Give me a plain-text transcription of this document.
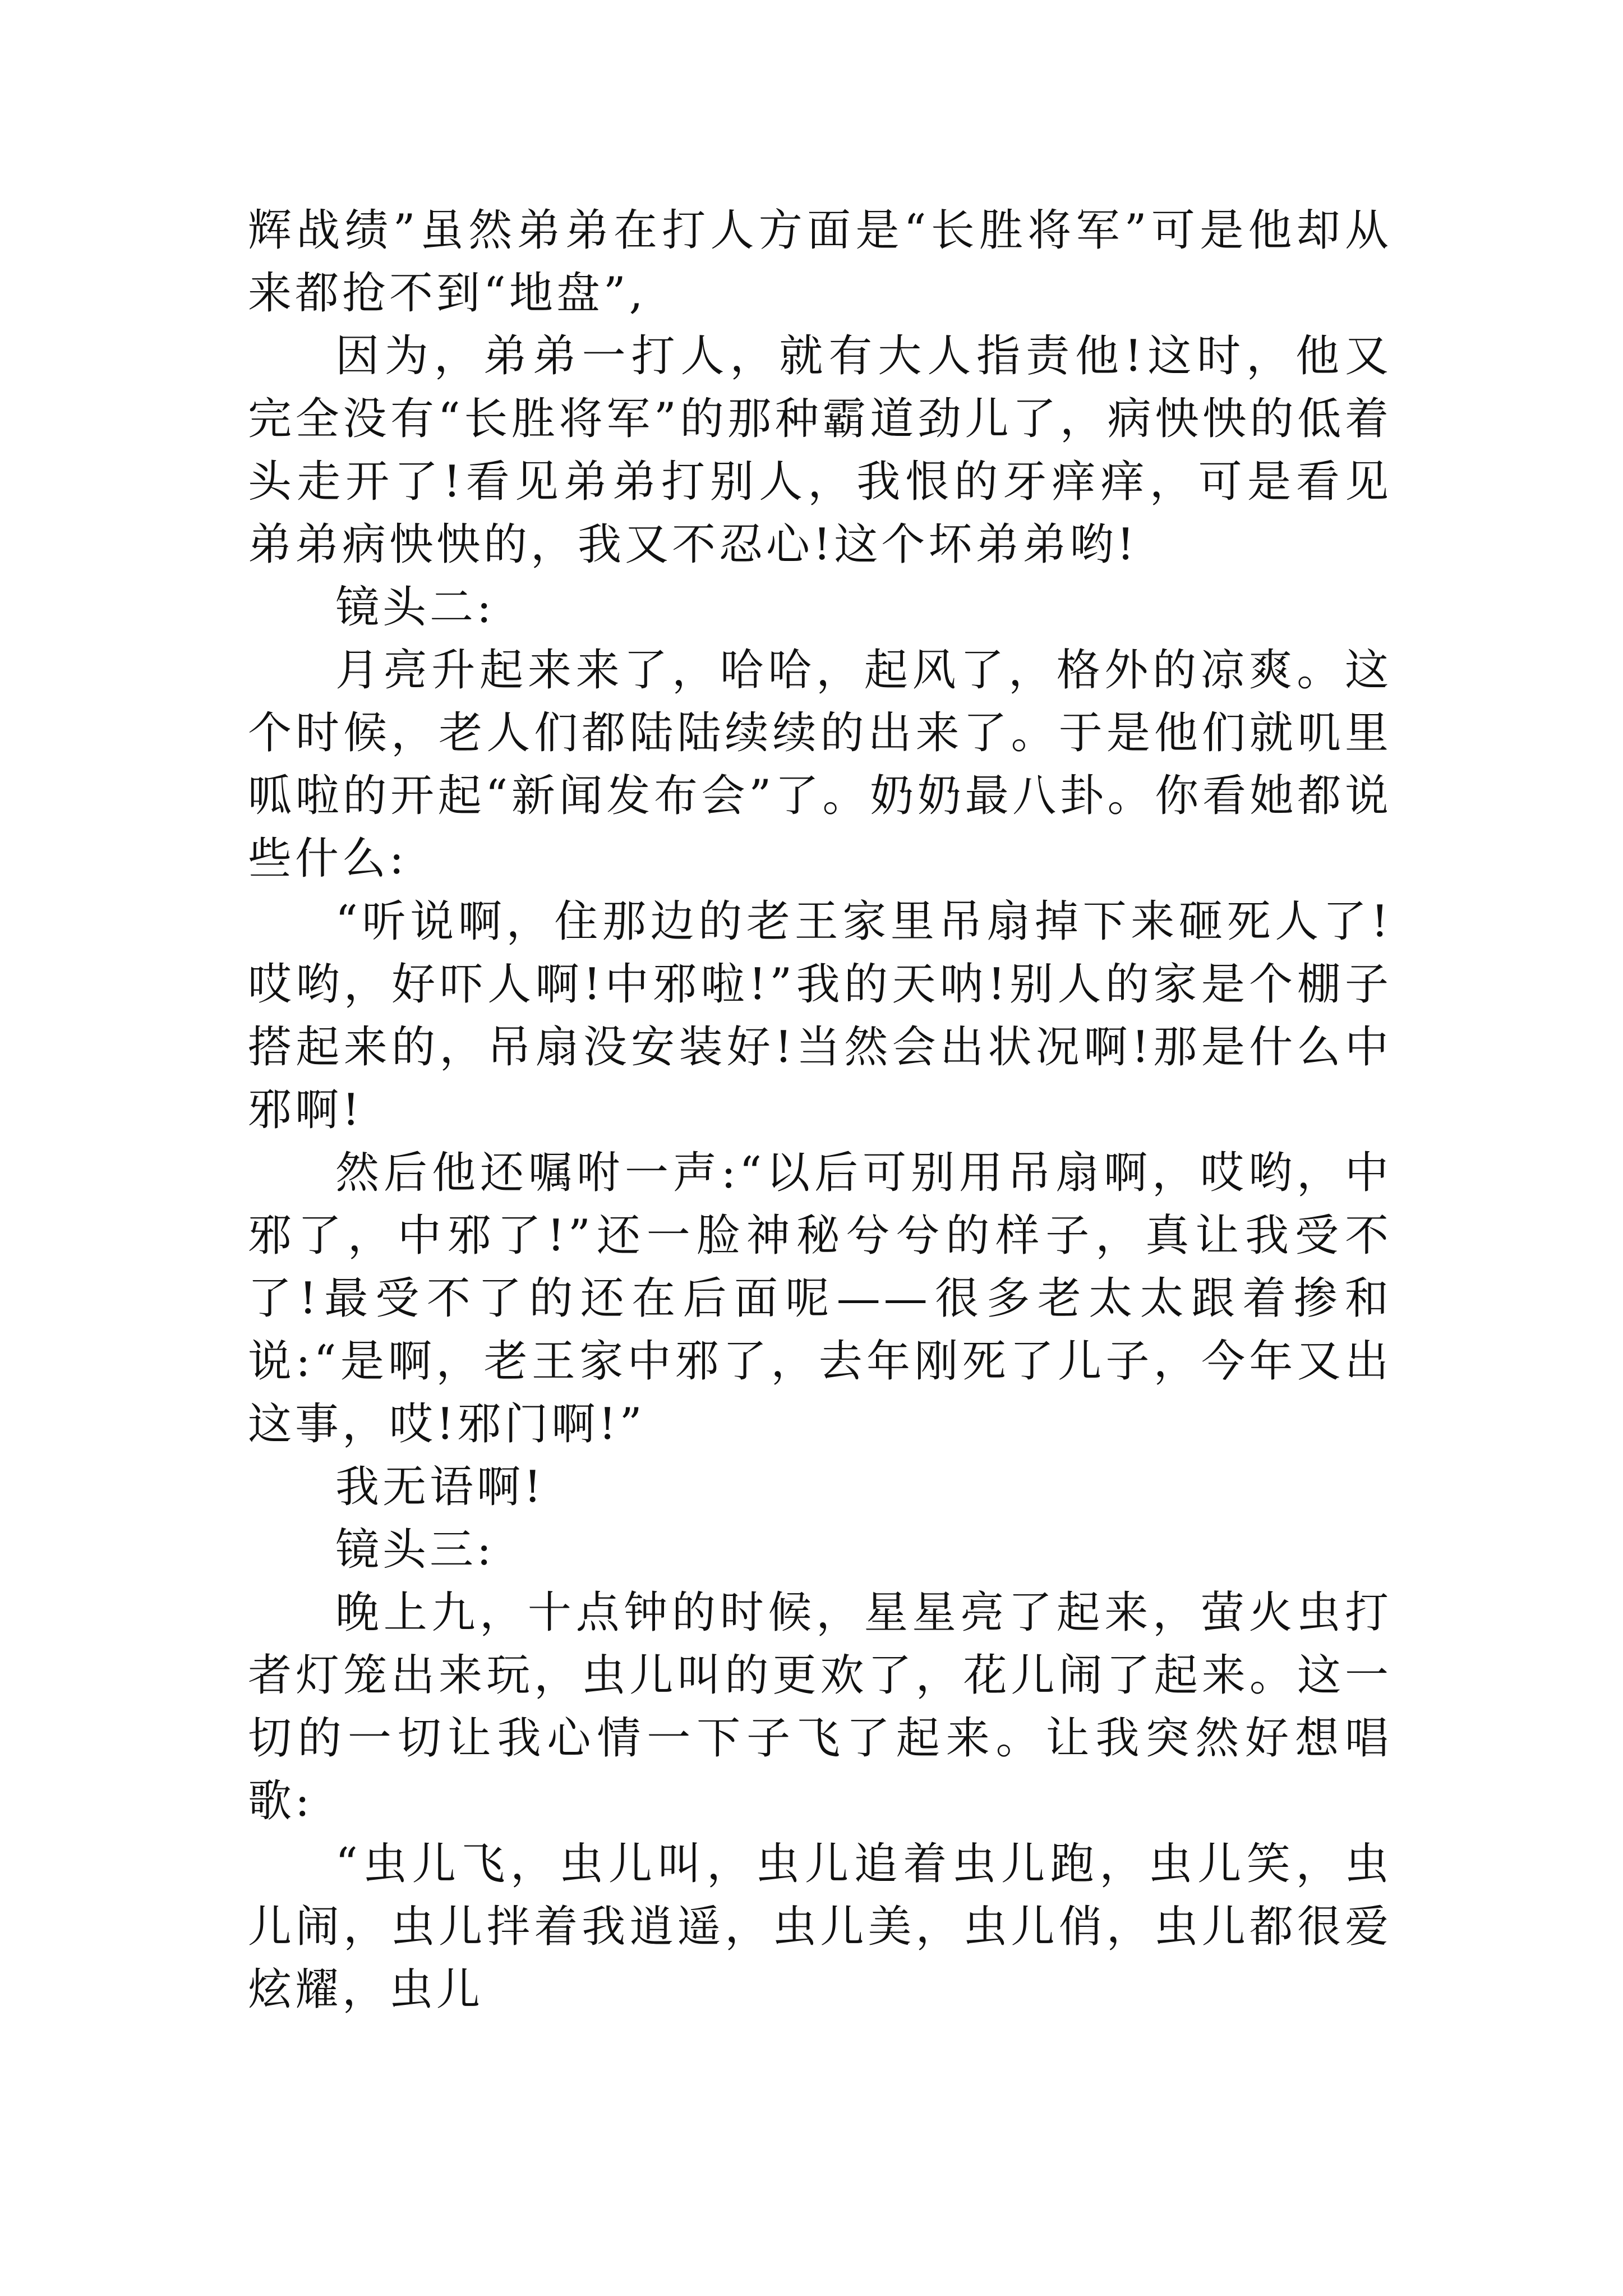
辉战绩”虽然弟弟在打人方面是“长胜将军”可是他却从来都抢不到“地盘”,

因为，弟弟一打人，就有大人指责他!这时，他又完全没有“长胜将军”的那种霸道劲儿了，病怏怏的低着头走开了!看见弟弟打别人，我恨的牙痒痒，可是看见弟弟病怏怏的，我又不忍心!这个坏弟弟哟!

镜头二:

月亮升起来来了，哈哈，起风了，格外的凉爽。这个时候，老人们都陆陆续续的出来了。于是他们就叽里呱啦的开起“新闻发布会”了。奶奶最八卦。你看她都说些什么:

“听说啊，住那边的老王家里吊扇掉下来砸死人了!哎哟，好吓人啊!中邪啦!”我的天呐!别人的家是个棚子搭起来的，吊扇没安装好!当然会出状况啊!那是什么中邪啊!

然后他还嘱咐一声:“以后可别用吊扇啊，哎哟，中邪了，中邪了!”还一脸神秘兮兮的样子，真让我受不了!最受不了的还在后面呢——很多老太太跟着掺和说:“是啊，老王家中邪了，去年刚死了儿子，今年又出这事，哎!邪门啊!”

我无语啊!

镜头三:

晚上九，十点钟的时候，星星亮了起来，萤火虫打者灯笼出来玩，虫儿叫的更欢了，花儿闹了起来。这一切的一切让我心情一下子飞了起来。让我突然好想唱歌:

“虫儿飞，虫儿叫，虫儿追着虫儿跑，虫儿笑，虫儿闹，虫儿拌着我逍遥，虫儿美，虫儿俏，虫儿都很爱炫耀，虫儿
